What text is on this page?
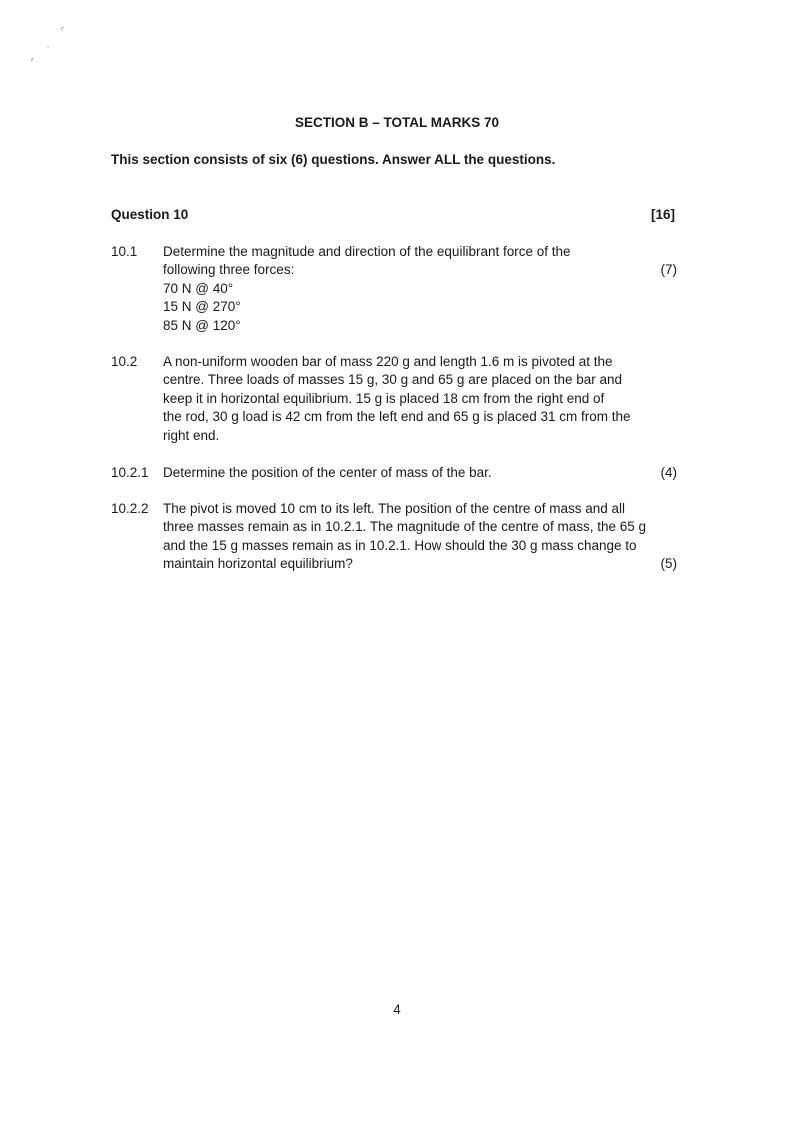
r
,
r
SECTION B – TOTAL MARKS 70
This section consists of six (6) questions. Answer ALL the questions.
Question 10	[16]
10.1 Determine the magnitude and direction of the equilibrant force of the
following three forces:
70 N @ 40°
15 N @ 270°
85 N @ 120°
(7)
10.2 A non-uniform wooden bar of mass 220 g and length 1.6 m is pivoted at the
centre. Three loads of masses 15 g, 30 g and 65 g are placed on the bar and
keep it in horizontal equilibrium. 15 g is placed 18 cm from the right end of
the rod, 30 g load is 42 cm from the left end and 65 g is placed 31 cm from the
right end.
10.2.1 Determine the position of the center of mass of the bar.	(4)
10.2.2 The pivot is moved 10 cm to its left. The position of the centre of mass and all
three masses remain as in 10.2.1. The magnitude of the centre of mass, the 65 g
and the 15 g masses remain as in 10.2.1. How should the 30 g mass change to
maintain horizontal equilibrium?	(5)
4
